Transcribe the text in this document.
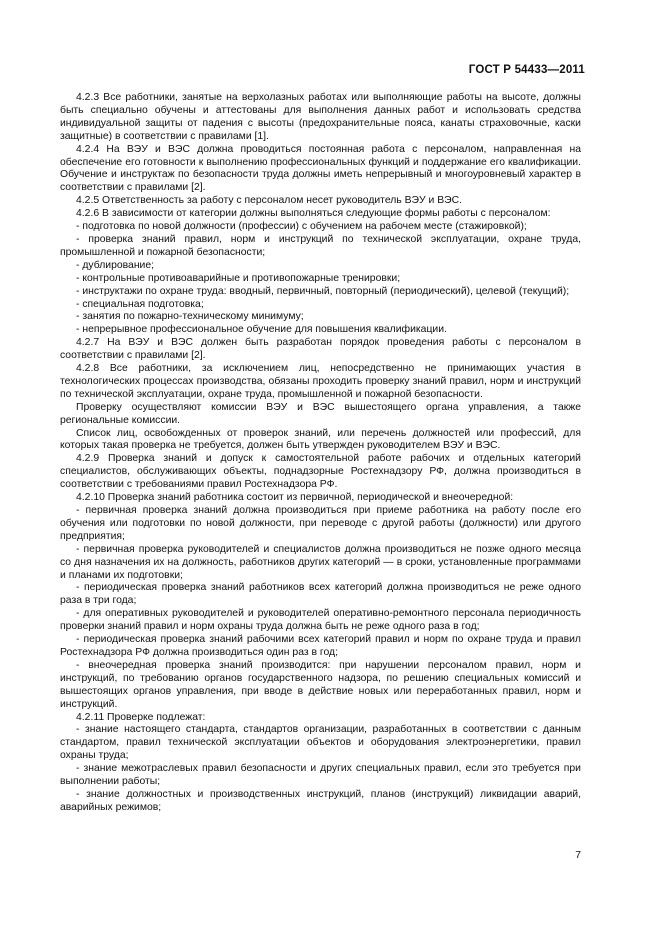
ГОСТ Р 54433—2011

4.2.3 Все работники, занятые на верхолазных работах или выполняющие работы на высоте, должны быть специально обучены и аттестованы для выполнения данных работ и использовать средства индивидуальной защиты от падения с высоты (предохранительные пояса, канаты страховочные, каски защитные) в соответствии с правилами [1].

4.2.4 На ВЭУ и ВЭС должна проводиться постоянная работа с персоналом, направленная на обеспечение его готовности к выполнению профессиональных функций и поддержание его квалификации. Обучение и инструктаж по безопасности труда должны иметь непрерывный и многоуровневый характер в соответствии с правилами [2].

4.2.5 Ответственность за работу с персоналом несет руководитель ВЭУ и ВЭС.

4.2.6 В зависимости от категории должны выполняться следующие формы работы с персоналом:

- подготовка по новой должности (профессии) с обучением на рабочем месте (стажировкой);

- проверка знаний правил, норм и инструкций по технической эксплуатации, охране труда, промышленной и пожарной безопасности;

- дублирование;

- контрольные противоаварийные и противопожарные тренировки;

- инструктажи по охране труда: вводный, первичный, повторный (периодический), целевой (текущий);

- специальная подготовка;

- занятия по пожарно-техническому минимуму;

- непрерывное профессиональное обучение для повышения квалификации.

4.2.7 На ВЭУ и ВЭС должен быть разработан порядок проведения работы с персоналом в соответствии с правилами [2].

4.2.8 Все работники, за исключением лиц, непосредственно не принимающих участия в технологических процессах производства, обязаны проходить проверку знаний правил, норм и инструкций по технической эксплуатации, охране труда, промышленной и пожарной безопасности.

Проверку осуществляют комиссии ВЭУ и ВЭС вышестоящего органа управления, а также региональные комиссии.

Список лиц, освобожденных от проверок знаний, или перечень должностей или профессий, для которых такая проверка не требуется, должен быть утвержден руководителем ВЭУ и ВЭС.

4.2.9 Проверка знаний и допуск к самостоятельной работе рабочих и отдельных категорий специалистов, обслуживающих объекты, поднадзорные Ростехнадзору РФ, должна производиться в соответствии с требованиями правил Ростехнадзора РФ.

4.2.10 Проверка знаний работника состоит из первичной, периодической и внеочередной:

- первичная проверка знаний должна производиться при приеме работника на работу после его обучения или подготовки по новой должности, при переводе с другой работы (должности) или другого предприятия;

- первичная проверка руководителей и специалистов должна производиться не позже одного месяца со дня назначения их на должность, работников других категорий — в сроки, установленные программами и планами их подготовки;

- периодическая проверка знаний работников всех категорий должна производиться не реже одного раза в три года;

- для оперативных руководителей и руководителей оперативно-ремонтного персонала периодичность проверки знаний правил и норм охраны труда должна быть не реже одного раза в год;

- периодическая проверка знаний рабочими всех категорий правил и норм по охране труда и правил Ростехнадзора РФ должна производиться один раз в год;

- внеочередная проверка знаний производится: при нарушении персоналом правил, норм и инструкций, по требованию органов государственного надзора, по решению специальных комиссий и вышестоящих органов управления, при вводе в действие новых или переработанных правил, норм и инструкций.

4.2.11 Проверке подлежат:

- знание настоящего стандарта, стандартов организации, разработанных в соответствии с данным стандартом, правил технической эксплуатации объектов и оборудования электроэнергетики, правил охраны труда;

- знание межотраслевых правил безопасности и других специальных правил, если это требуется при выполнении работы;

- знание должностных и производственных инструкций, планов (инструкций) ликвидации аварий, аварийных режимов;

7
